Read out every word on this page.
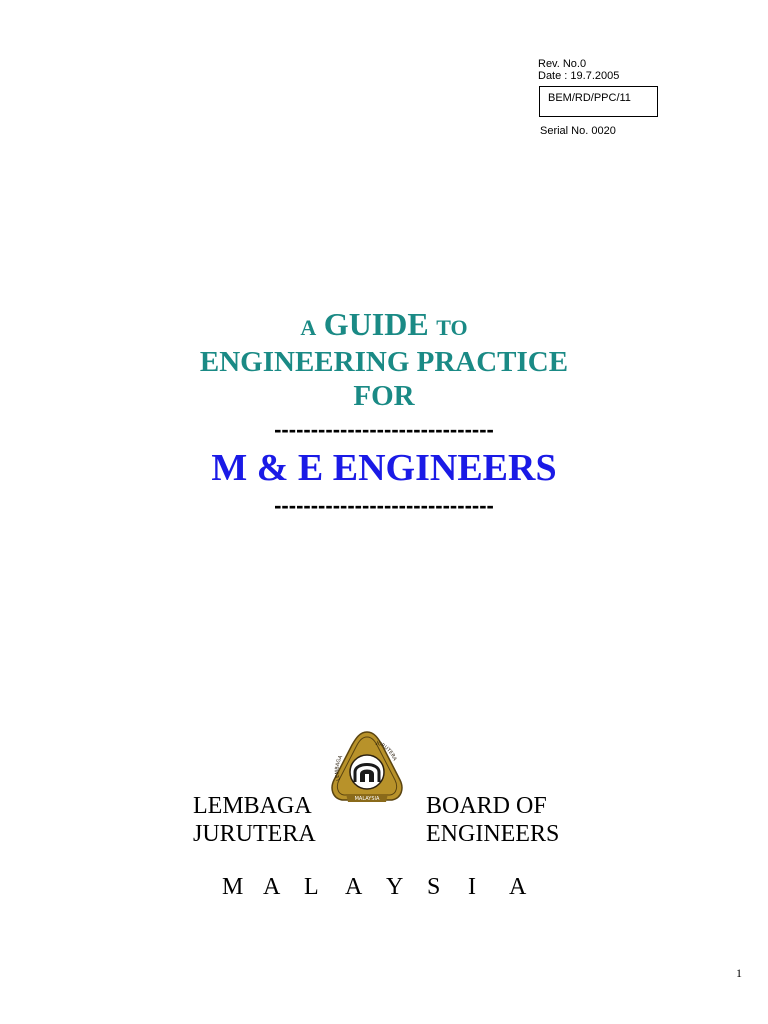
Rev. No.0
Date : 19.7.2005
BEM/RD/PPC/11
Serial No. 0020
A GUIDE TO
ENGINEERING PRACTICE
FOR
------------------------------
M & E ENGINEERS
------------------------------
MALAYSIA
LEMBAGA
JURUTERA
LEMBAGA
JURUTERA
BOARD OF
ENGINEERS
M A L A Y S I A
1
